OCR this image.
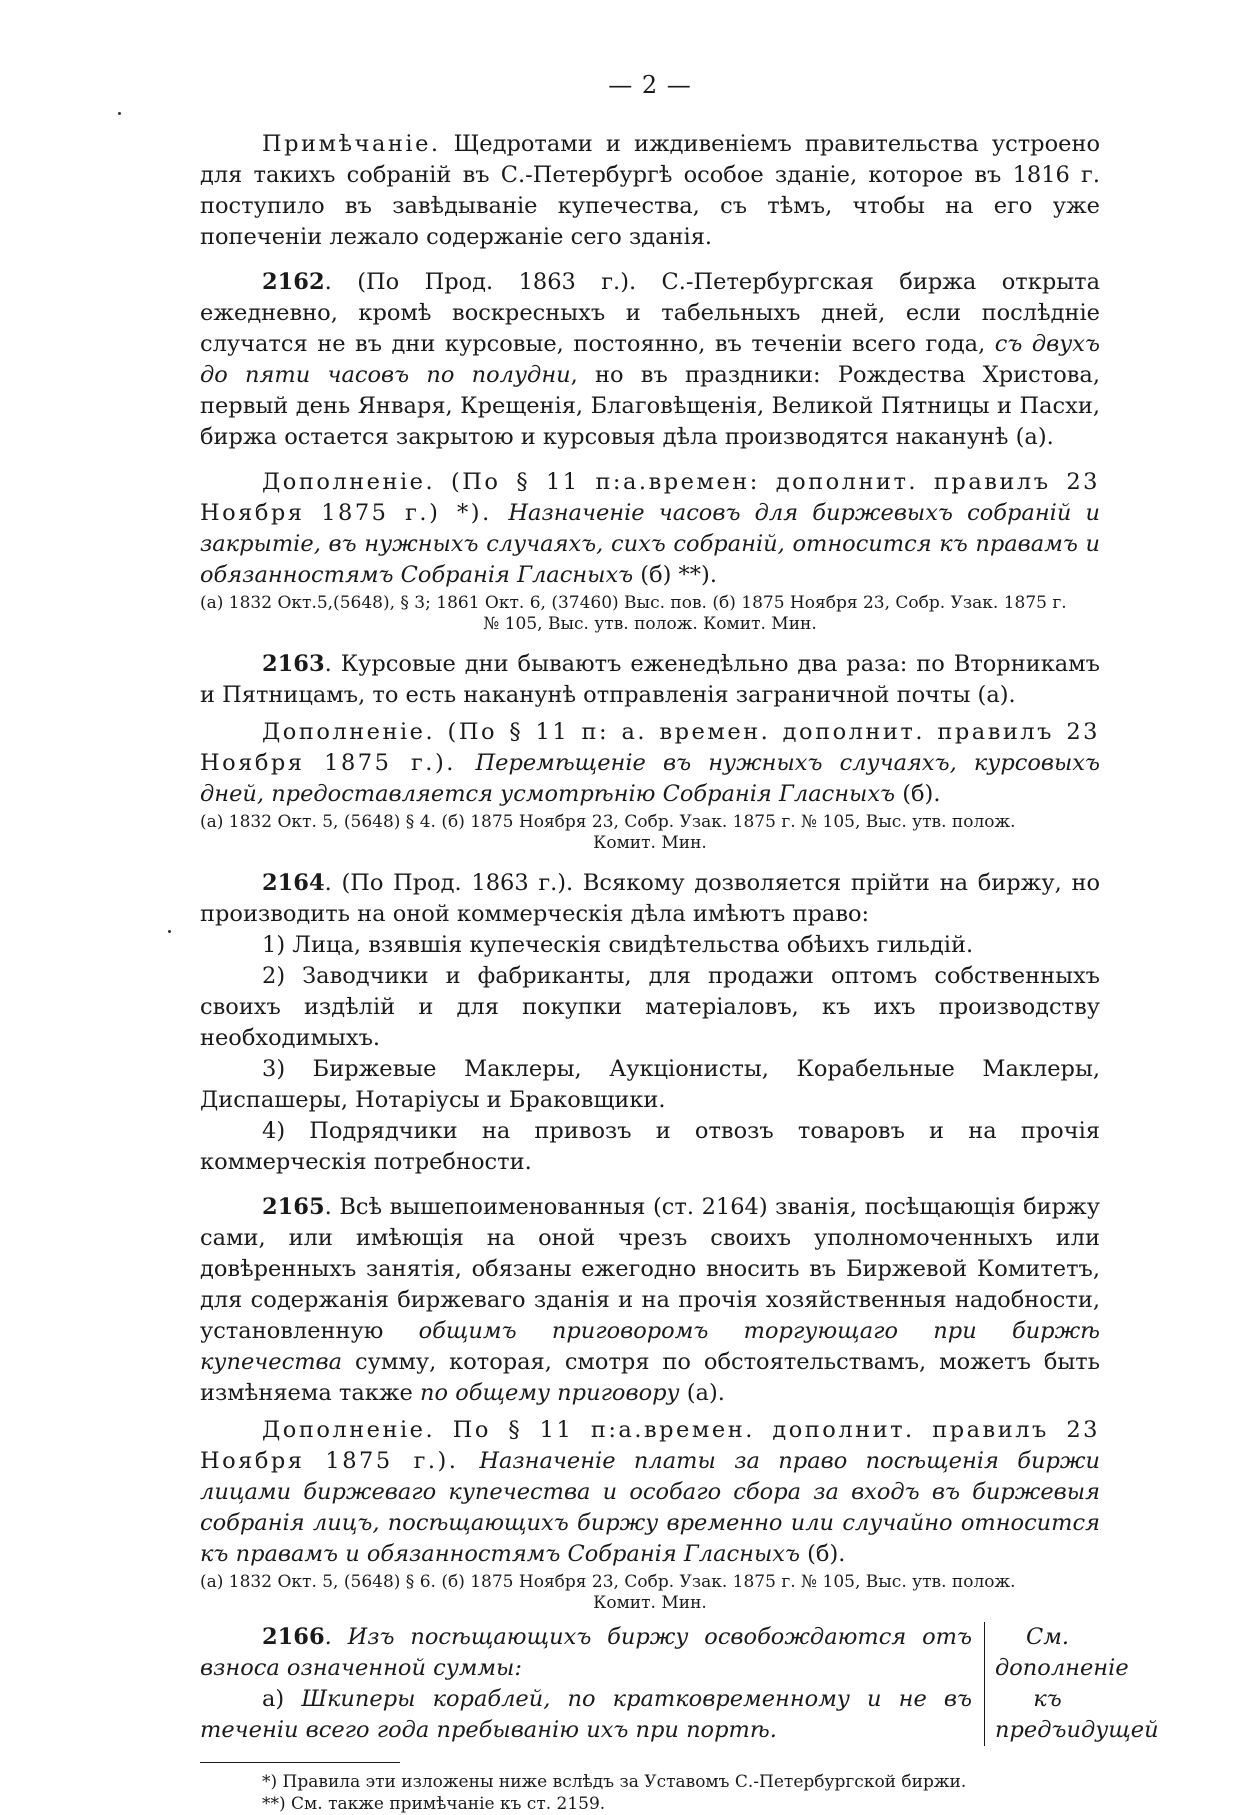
— 2 —
Примѣчаніе. Щедротами и иждивеніемъ правительства устроено для такихъ собраній въ С.-Петербургѣ особое зданіе, которое въ 1816 г. поступило въ завѣдываніе купечества, съ тѣмъ, чтобы на его уже попеченіи лежало содержаніе сего зданія.
2162. (По Прод. 1863 г.). С.-Петербургская биржа открыта ежедневно, кромѣ воскресныхъ и табельныхъ дней, если послѣдніе случатся не въ дни курсовые, постоянно, въ теченіи всего года, съ двухъ до пяти часовъ по полудни, но въ праздники: Рождества Христова, первый день Января, Крещенія, Благовѣщенія, Великой Пятницы и Пасхи, биржа остается закрытою и курсовыя дѣла производятся наканунѣ (а).
Дополненіе. (По § 11 п:а.времен: дополнит. правилъ 23 Ноября 1875 г.) *). Назначеніе часовъ для биржевыхъ собраній и закрытіе, въ нужныхъ случаяхъ, сихъ собраній, относится къ правамъ и обязанностямъ Собранія Гласныхъ (б) **).
(а) 1832 Окт.5,(5648), § 3; 1861 Окт. 6, (37460) Выс. пов. (б) 1875 Ноября 23, Собр. Узак. 1875 г.
№ 105, Выс. утв. полож. Комит. Мин.
2163. Курсовые дни бываютъ еженедѣльно два раза: по Вторникамъ и Пятницамъ, то есть наканунѣ отправленія заграничной почты (а).
Дополненіе. (По § 11 п: а. времен. дополнит. правилъ 23 Ноября 1875 г.). Перемѣщеніе въ нужныхъ случаяхъ, курсовыхъ дней, предоставляется усмотрѣнію Собранія Гласныхъ (б).
(а) 1832 Окт. 5, (5648) § 4. (б) 1875 Ноября 23, Собр. Узак. 1875 г. № 105, Выс. утв. полож.
Комит. Мин.
2164. (По Прод. 1863 г.). Всякому дозволяется прійти на биржу, но производить на оной коммерческія дѣла имѣютъ право:
1) Лица, взявшія купеческія свидѣтельства обѣихъ гильдій.
2) Заводчики и фабриканты, для продажи оптомъ собственныхъ своихъ издѣлій и для покупки матеріаловъ, къ ихъ производству необходимыхъ.
3) Биржевые Маклеры, Аукціонисты, Корабельные Маклеры, Диспашеры, Нотаріусы и Браковщики.
4) Подрядчики на привозъ и отвозъ товаровъ и на прочія коммерческія потребности.
2165. Всѣ вышепоименованныя (ст. 2164) званія, посѣщающія биржу сами, или имѣющія на оной чрезъ своихъ уполномоченныхъ или довѣренныхъ занятія, обязаны ежегодно вносить въ Биржевой Комитетъ, для содержанія биржеваго зданія и на прочія хозяйственныя надобности, установленную общимъ приговоромъ торгующаго при биржѣ купечества сумму, которая, смотря по обстоятельствамъ, можетъ быть измѣняема также по общему приговору (а).
Дополненіе. По § 11 п:а.времен. дополнит. правилъ 23 Ноября 1875 г.). Назначеніе платы за право посѣщенія биржи лицами биржеваго купечества и особаго сбора за входъ въ биржевыя собранія лицъ, посѣщающихъ биржу временно или случайно относится къ правамъ и обязанностямъ Собранія Гласныхъ (б).
(а) 1832 Окт. 5, (5648) § 6. (б) 1875 Ноября 23, Собр. Узак. 1875 г. № 105, Выс. утв. полож.
Комит. Мин.
2166. Изъ посѣщающихъ биржу освобождаются отъ взноса означенной суммы:
а) Шкиперы кораблей, по кратковременному и не въ теченіи всего года пребыванію ихъ при портѣ.
См. дополненіе къ предъидущей
*) Правила эти изложены ниже вслѣдъ за Уставомъ С.-Петербургской биржи.
**) См. также примѣчаніе къ ст. 2159.
